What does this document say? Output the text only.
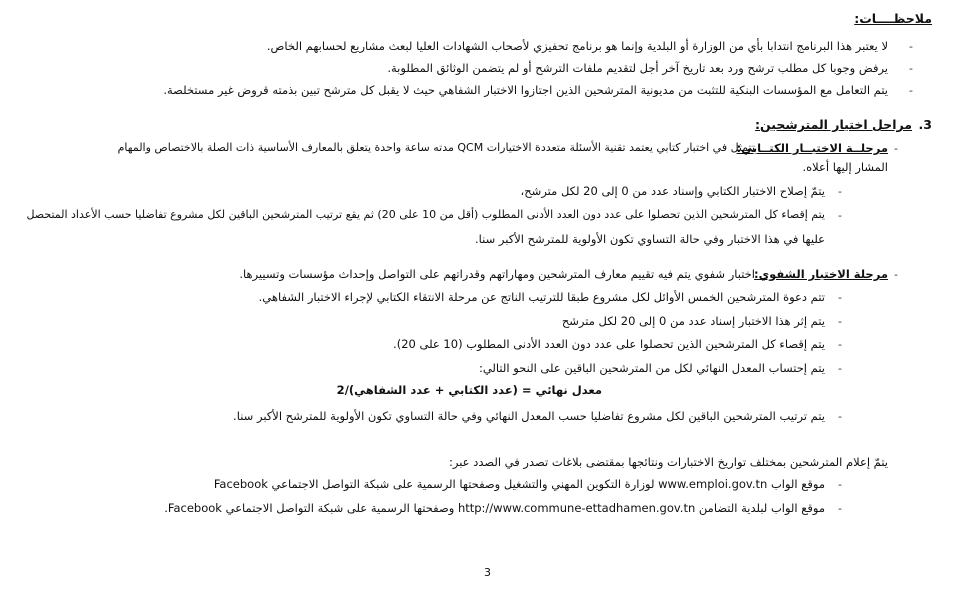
ملاحظــــات:
-
لا يعتبر هذا البرنامج انتدابا بأي من الوزارة أو البلدية وإنما هو برنامج تحفيزي لأصحاب الشهادات العليا لبعث مشاريع لحسابهم الخاص.
-
يرفض وجوبا كل مطلب ترشح ورد بعد تاريخ آخر أجل لتقديم ملفات الترشح أو لم يتضمن الوثائق المطلوبة.
-
يتم التعامل مع المؤسسات البنكية للتثبت من مديونية المترشحين الذين اجتازوا الاختبار الشفاهي حيث لا يقبل كل مترشح تبين بذمته قروض غير مستخلصة.
3.
مراحل اختيار المترشحين:
-
مرحلــة الاختبــار الكتــابي:
تتمثل في اختبار كتابي يعتمد تقنية الأسئلة متعددة الاختيارات QCM مدته ساعة واحدة يتعلق بالمعارف الأساسية ذات الصلة بالاختصاص والمهام
المشار إليها أعلاه.
-
يتمّ إصلاح الاختبار الكتابي وإسناد عدد من 0 إلى 20 لكل مترشح،
-
يتم إقصاء كل المترشحين الذين تحصلوا على عدد دون العدد الأدنى المطلوب (أقل من 10 على 20) ثم يقع ترتيب المترشحين الباقين لكل مشروع تفاضليا حسب الأعداد المتحصل
عليها في هذا الاختبار وفي حالة التساوي تكون الأولوية للمترشح الأكبر سنا.
-
مرحلة الاختبار الشفوي:
اختبار شفوي يتم فيه تقييم معارف المترشحين ومهاراتهم وقدراتهم على التواصل وإحداث مؤسسات وتسييرها.
-
تتم دعوة المترشحين الخمس الأوائل لكل مشروع طبقا للترتيب الناتج عن مرحلة الانتقاء الكتابي لإجراء الاختبار الشفاهي.
-
يتم إثر هذا الاختبار إسناد عدد من 0 إلى 20 لكل مترشح
-
يتم إقصاء كل المترشحين الذين تحصلوا على عدد دون العدد الأدنى المطلوب (10 على 20).
-
يتم إحتساب المعدل النهائي لكل من المترشحين الباقين على النحو التالي:
معدل نهائي = (عدد الكتابي + عدد الشفاهي)/2
-
يتم ترتيب المترشحين الباقين لكل مشروع تفاضليا حسب المعدل النهائي وفي حالة التساوي تكون الأولوية للمترشح الأكبر سنا.
يتمّ إعلام المترشحين بمختلف تواريخ الاختبارات ونتائجها بمقتضى بلاغات تصدر في الصدد عبر:
-
موقع الواب www.emploi.gov.tn لوزارة التكوين المهني والتشغيل وصفحتها الرسمية على شبكة التواصل الاجتماعي Facebook
-
موقع الواب لبلدية التضامن http://www.commune-ettadhamen.gov.tn وصفحتها الرسمية على شبكة التواصل الاجتماعي Facebook.
3
